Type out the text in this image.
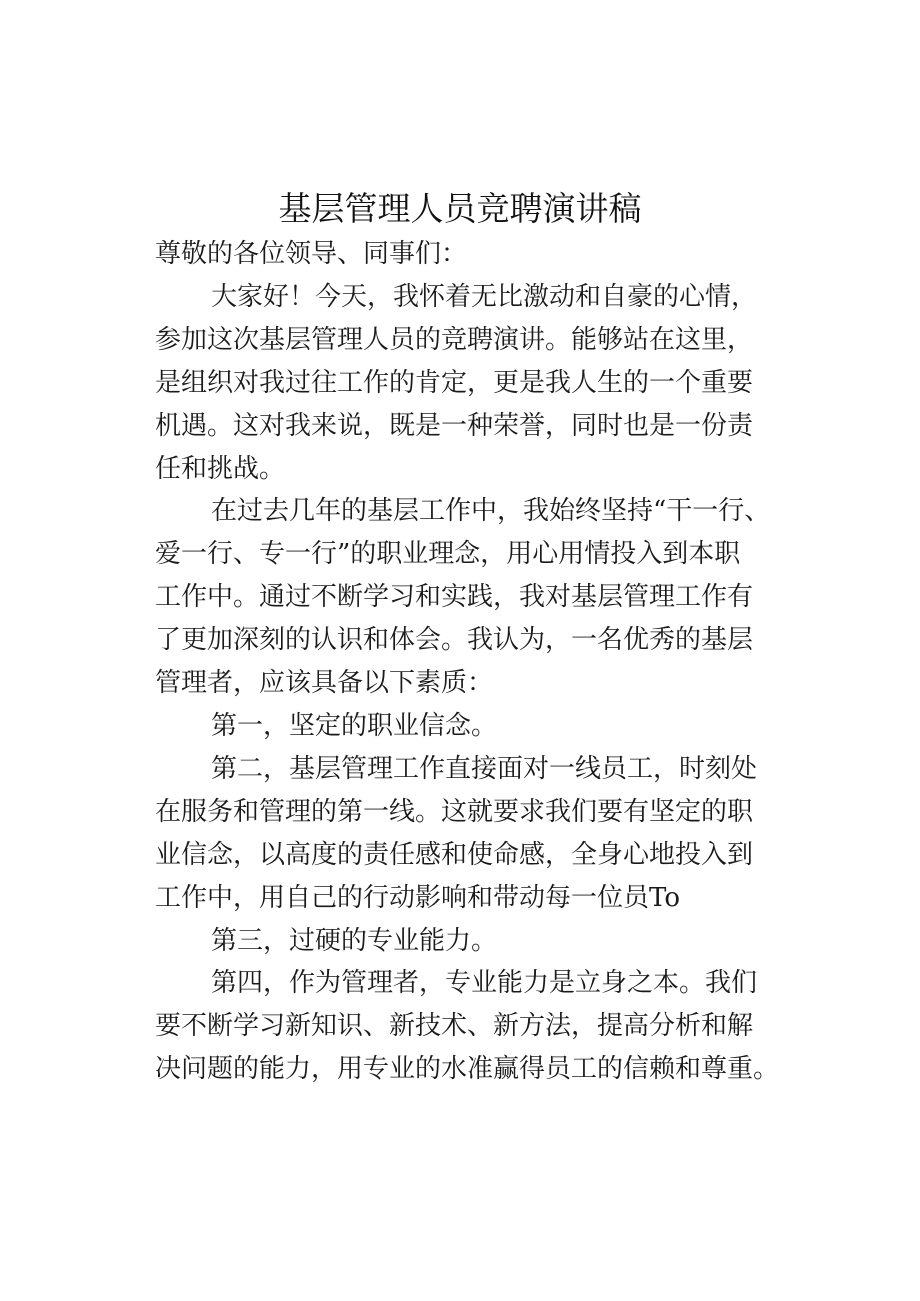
基层管理人员竞聘演讲稿

尊敬的各位领导、同事们：

大家好！今天，我怀着无比激动和自豪的心情，

参加这次基层管理人员的竞聘演讲。能够站在这里，

是组织对我过往工作的肯定，更是我人生的一个重要

机遇。这对我来说，既是一种荣誉，同时也是一份责

任和挑战。

在过去几年的基层工作中，我始终坚持“干一行、

爱一行、专一行”的职业理念，用心用情投入到本职

工作中。通过不断学习和实践，我对基层管理工作有

了更加深刻的认识和体会。我认为，一名优秀的基层

管理者，应该具备以下素质：

第一，坚定的职业信念。

第二，基层管理工作直接面对一线员工，时刻处

在服务和管理的第一线。这就要求我们要有坚定的职

业信念，以高度的责任感和使命感，全身心地投入到

工作中，用自己的行动影响和带动每一位员To

第三，过硬的专业能力。

第四，作为管理者，专业能力是立身之本。我们

要不断学习新知识、新技术、新方法，提高分析和解

决问题的能力，用专业的水准赢得员工的信赖和尊重。
